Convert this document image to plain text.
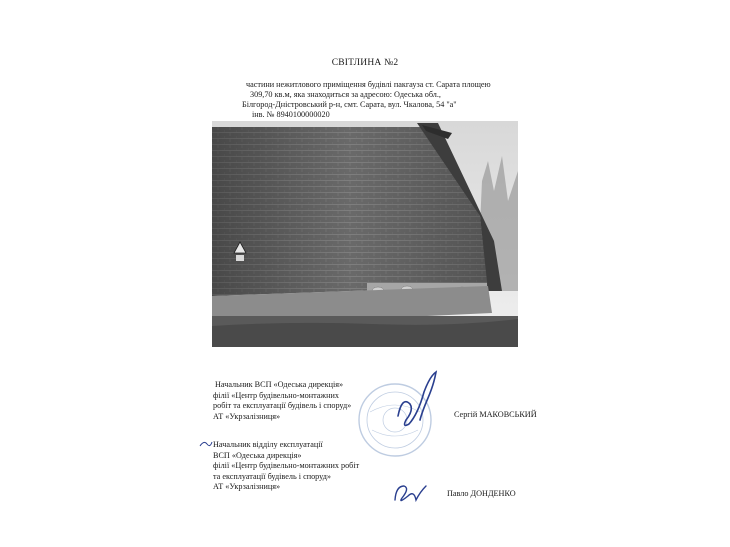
СВІТЛИНА №2
частини нежитлового приміщення будівлі пакгауза ст. Сарата площею
309,70 кв.м, яка знаходиться за адресою: Одеська обл.,
Білгород-Дністровський р-н, смт. Сарата, вул. Чкалова, 54 "а"
інв. № 8940100000020
Начальник ВСП «Одеська дирекція»
філії «Центр будівельно-монтажних
робіт та експлуатації будівель і споруд»
АТ «Укрзалізниця»	Сергій МАКОВСЬКИЙ
Начальник відділу експлуатації
ВСП «Одеська дирекція»
філії «Центр будівельно-монтажних робіт
та експлуатації будівель і споруд»
АТ «Укрзалізниця»
Павло ДОНДЕНКО
